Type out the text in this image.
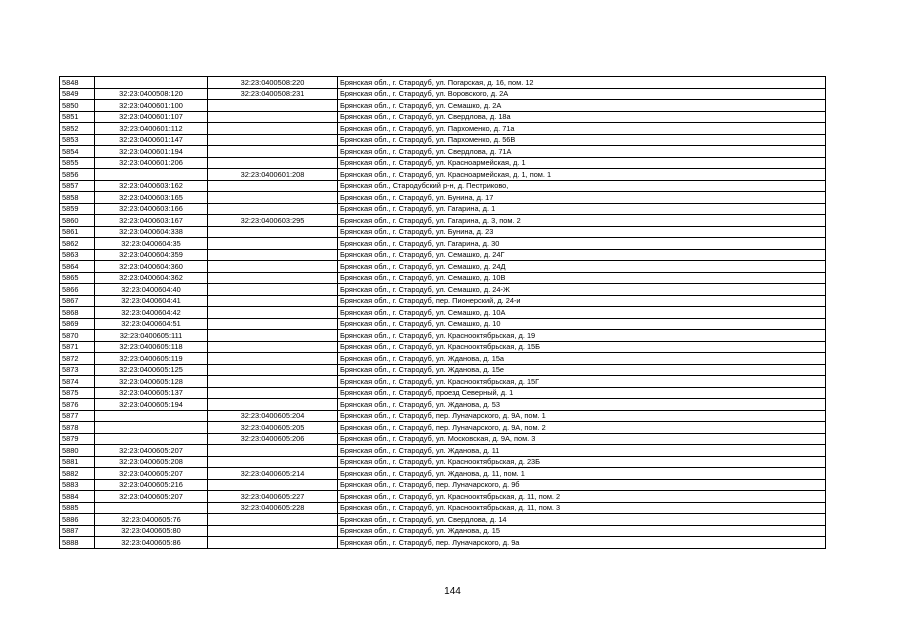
5848		32:23:0400508:220	Брянская обл., г. Стародуб, ул. Погарская, д. 16, пом. 12
5849	32:23:0400508:120	32:23:0400508:231	Брянская обл., г. Стародуб, ул. Воровского, д. 2А
5850	32:23:0400601:100		Брянская обл., г. Стародуб, ул. Семашко, д. 2А
5851	32:23:0400601:107		Брянская обл., г. Стародуб, ул. Свердлова, д. 18а
5852	32:23:0400601:112		Брянская обл., г. Стародуб, ул. Пархоменко, д. 71а
5853	32:23:0400601:147		Брянская обл., г. Стародуб, ул. Пархоменко, д. 56В
5854	32:23:0400601:194		Брянская обл., г. Стародуб, ул. Свердлова, д. 71А
5855	32:23:0400601:206		Брянская обл., г. Стародуб, ул. Красноармейская, д. 1
5856		32:23:0400601:208	Брянская обл., г. Стародуб, ул. Красноармейская, д. 1, пом. 1
5857	32:23:0400603:162		Брянская обл., Стародубский р-н, д. Пестриково,
5858	32:23:0400603:165		Брянская обл., г. Стародуб, ул. Бунина, д. 17
5859	32:23:0400603:166		Брянская обл., г. Стародуб, ул. Гагарина, д. 1
5860	32:23:0400603:167	32:23:0400603:295	Брянская обл., г. Стародуб, ул. Гагарина, д. 3, пом. 2
5861	32:23:0400604:338		Брянская обл., г. Стародуб, ул. Бунина, д. 23
5862	32:23:0400604:35		Брянская обл., г. Стародуб, ул. Гагарина, д. 30
5863	32:23:0400604:359		Брянская обл., г. Стародуб, ул. Семашко, д. 24Г
5864	32:23:0400604:360		Брянская обл., г. Стародуб, ул. Семашко, д. 24Д
5865	32:23:0400604:362		Брянская обл., г. Стародуб, ул. Семашко, д. 10В
5866	32:23:0400604:40		Брянская обл., г. Стародуб, ул. Семашко, д. 24-Ж
5867	32:23:0400604:41		Брянская обл., г. Стародуб, пер. Пионерский, д. 24-и
5868	32:23:0400604:42		Брянская обл., г. Стародуб, ул. Семашко, д. 10А
5869	32:23:0400604:51		Брянская обл., г. Стародуб, ул. Семашко, д. 10
5870	32:23:0400605:111		Брянская обл., г. Стародуб, ул. Краснооктябрьская, д. 19
5871	32:23:0400605:118		Брянская обл., г. Стародуб, ул. Краснооктябрьская, д. 15Б
5872	32:23:0400605:119		Брянская обл., г. Стародуб, ул. Жданова, д. 15а
5873	32:23:0400605:125		Брянская обл., г. Стародуб, ул. Жданова, д. 15е
5874	32:23:0400605:128		Брянская обл., г. Стародуб, ул. Краснооктябрьская, д. 15Г
5875	32:23:0400605:137		Брянская обл., г. Стародуб, проезд Северный, д. 1
5876	32:23:0400605:194		Брянская обл., г. Стародуб, ул. Жданова, д. 53
5877		32:23:0400605:204	Брянская обл., г. Стародуб, пер. Луначарского, д. 9А, пом. 1
5878		32:23:0400605:205	Брянская обл., г. Стародуб, пер. Луначарского, д. 9А, пом. 2
5879		32:23:0400605:206	Брянская обл., г. Стародуб, ул. Московская, д. 9А, пом. 3
5880	32:23:0400605:207		Брянская обл., г. Стародуб, ул. Жданова, д. 11
5881	32:23:0400605:208		Брянская обл., г. Стародуб, ул. Краснооктябрьская, д. 23Б
5882	32:23:0400605:207	32:23:0400605:214	Брянская обл., г. Стародуб, ул. Жданова, д. 11, пом. 1
5883	32:23:0400605:216		Брянская обл., г. Стародуб, пер. Луначарского, д. 9б
5884	32:23:0400605:207	32:23:0400605:227	Брянская обл., г. Стародуб, ул. Краснооктябрьская, д. 11, пом. 2
5885		32:23:0400605:228	Брянская обл., г. Стародуб, ул. Краснооктябрьская, д. 11, пом. 3
5886	32:23:0400605:76		Брянская обл., г. Стародуб, ул. Свердлова, д. 14
5887	32:23:0400605:80		Брянская обл., г. Стародуб, ул. Жданова, д. 15
5888	32:23:0400605:86		Брянская обл., г. Стародуб, пер. Луначарского, д. 9а
144
